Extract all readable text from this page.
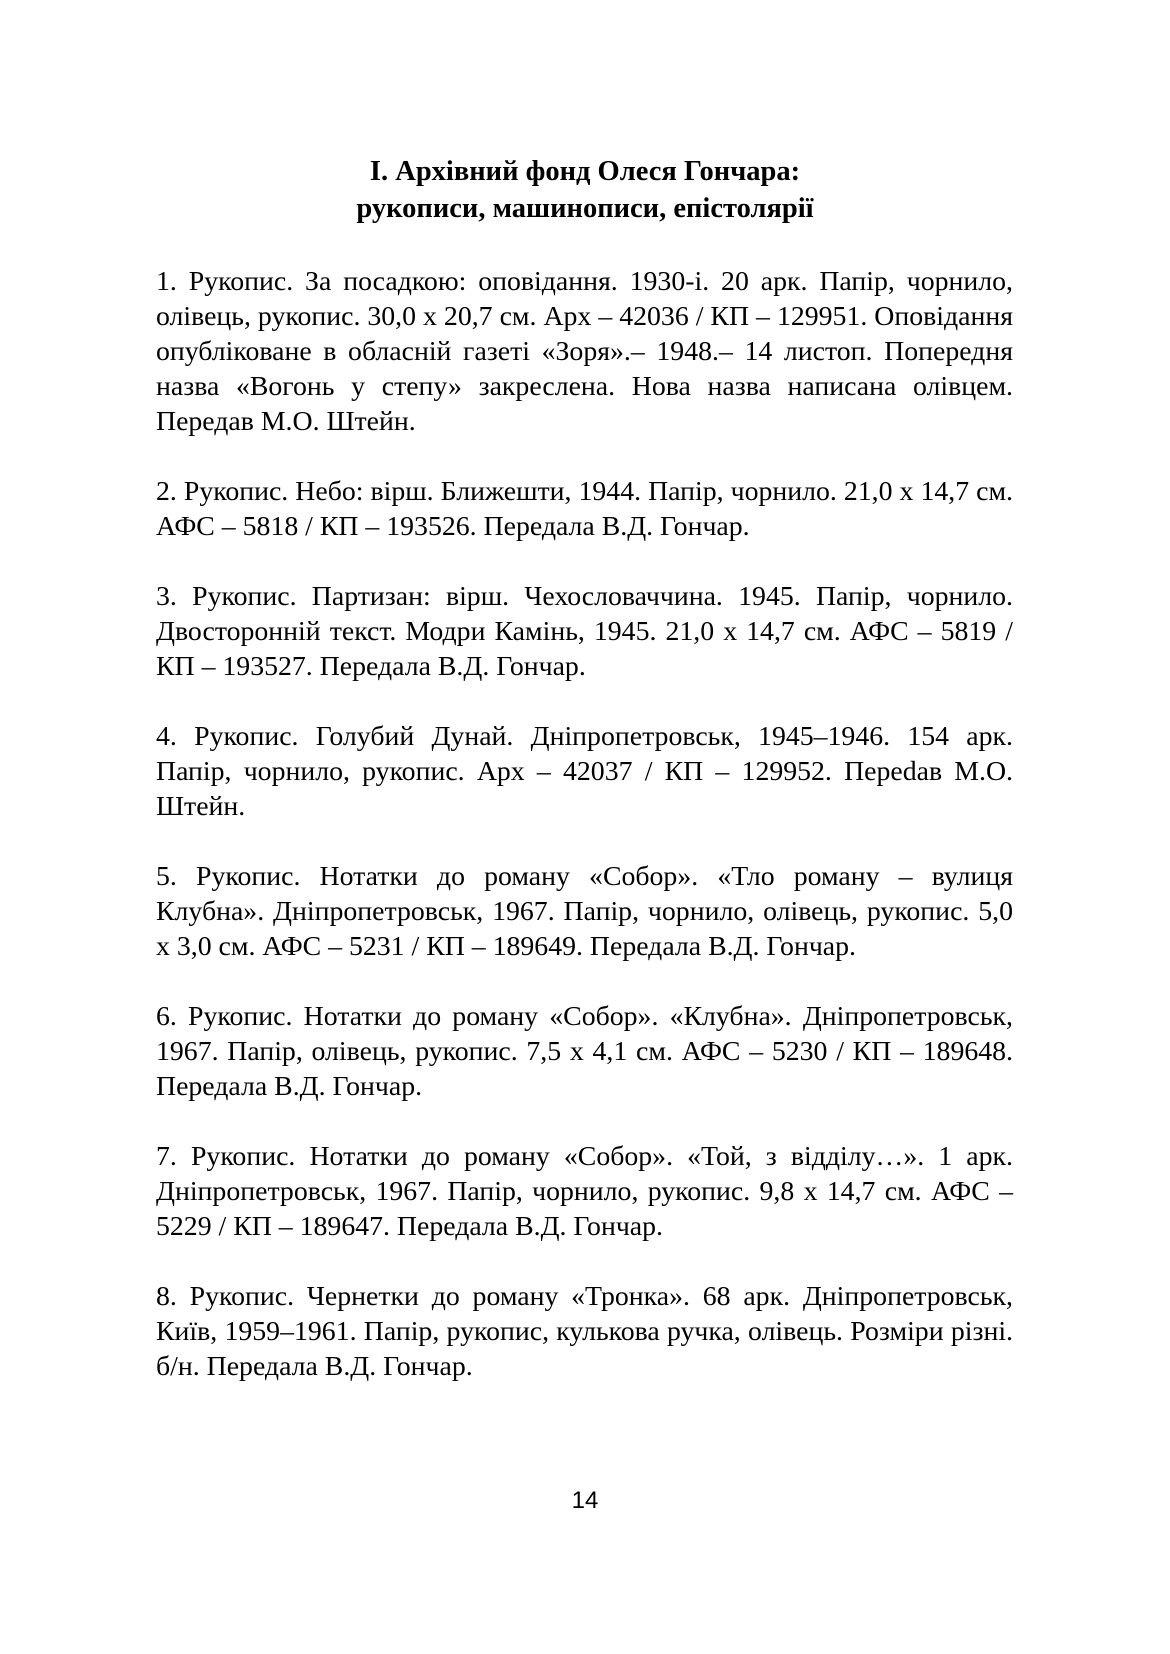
І. Архівний фонд Олеся Гончара:
рукописи, машинописи, епістолярії
1. Рукопис. За посадкою: оповідання. 1930-і. 20 арк. Папір, чорнило, олівець, рукопис. 30,0 х 20,7 см. Арх – 42036 / КП – 129951. Оповідання опубліковане в обласній газеті «Зоря».– 1948.– 14 листоп. Попередня назва «Вогонь у степу» закреслена. Нова назва написана олівцем. Передав М.О. Штейн.
2. Рукопис. Небо: вірш. Ближешти, 1944. Папір, чорнило. 21,0 х 14,7 см. АФС – 5818 / КП – 193526. Передала В.Д. Гончар.
3. Рукопис. Партизан: вірш. Чехословаччина. 1945. Папір, чорнило. Двосторонній текст. Модри Камінь, 1945. 21,0 х 14,7 см. АФС – 5819 / КП – 193527. Передала В.Д. Гончар.
4. Рукопис. Голубий Дунай. Дніпропетровськ, 1945–1946. 154 арк. Папір, чорнило, рукопис. Арх – 42037 / КП – 129952. Переdав М.О. Штейн.
5. Рукопис. Нотатки до роману «Собор». «Тло роману – вулиця Клубна». Дніпропетровськ, 1967. Папір, чорнило, олівець, рукопис. 5,0 х 3,0 см. АФС – 5231 / КП – 189649. Передала В.Д. Гончар.
6. Рукопис. Нотатки до роману «Собор». «Клубна». Дніпропетровськ, 1967. Папір, олівець, рукопис. 7,5 х 4,1 см. АФС – 5230 / КП – 189648. Передала В.Д. Гончар.
7. Рукопис. Нотатки до роману «Собор». «Той, з відділу…». 1 арк. Дніпропетровськ, 1967. Папір, чорнило, рукопис. 9,8 х 14,7 см. АФС – 5229 / КП – 189647. Передала В.Д. Гончар.
8. Рукопис. Чернетки до роману «Тронка». 68 арк. Дніпропетровськ, Київ, 1959–1961. Папір, рукопис, кулькова ручка, олівець. Розміри різні. б/н. Передала В.Д. Гончар.
14
